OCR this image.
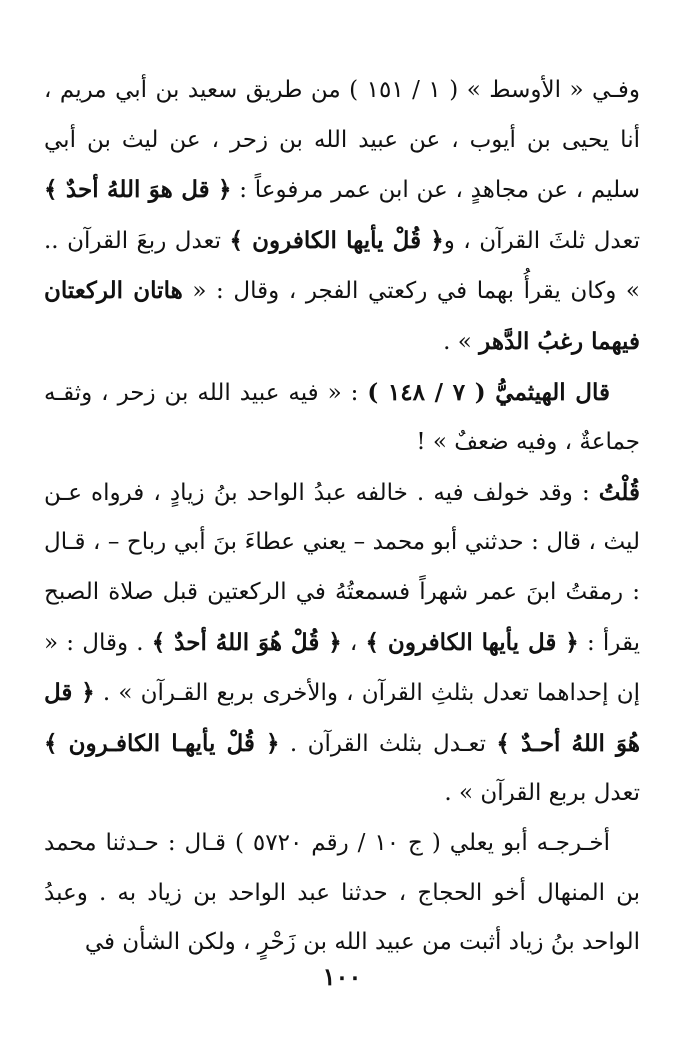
وفـي « الأوسط » ( ١ / ١٥١ ) من طريق سعيد بن أبي مريم ، أنا يحيى بن أيوب ، عن عبيد الله بن زحر ، عن ليث بن أبي سليم ، عن مجاهدٍ ، عن ابن عمر مرفوعاً : ﴿ قل هوَ اللهُ أحدٌ ﴾ تعدل ثلثَ القرآن ، و﴿ قُلْ يأيها الكافرون ﴾ تعدل ربعَ القرآن .. » وكان يقرأُ بهما في ركعتي الفجر ، وقال : « هاتان الركعتان فيهما رغبُ الدَّهر » .

قال الهيثميُّ ( ٧ / ١٤٨ ) : « فيه عبيد الله بن زحر ، وثقـه جماعةٌ ، وفيه ضعفٌ » !

قُلْتُ : وقد خولف فيه . خالفه عبدُ الواحد بنُ زيادٍ ، فرواه عـن ليث ، قال : حدثني أبو محمد – يعني عطاءَ بنَ أبي رباح – ، قـال : رمقتُ ابنَ عمر شهراً فسمعتُهُ في الركعتين قبل صلاة الصبح يقرأ : ﴿ قل يأيها الكافرون ﴾ ، ﴿ قُلْ هُوَ اللهُ أحدٌ ﴾ . وقال : « إن إحداهما تعدل بثلثِ القرآن ، والأخرى بربع القـرآن » . ﴿ قل هُوَ اللهُ أحـدٌ ﴾ تعـدل بثلث القرآن . ﴿ قُلْ يأيهـا الكافـرون ﴾ تعدل بربع القرآن » .

أخـرجـه أبو يعلي ( ج ١٠ / رقم ٥٧٢٠ ) قـال : حـدثنا محمد بن المنهال أخو الحجاج ، حدثنا عبد الواحد بن زياد به . وعبدُ الواحد بنُ زياد أثبت من عبيد الله بن زَحْرٍ ، ولكن الشأن في

١٠٠
